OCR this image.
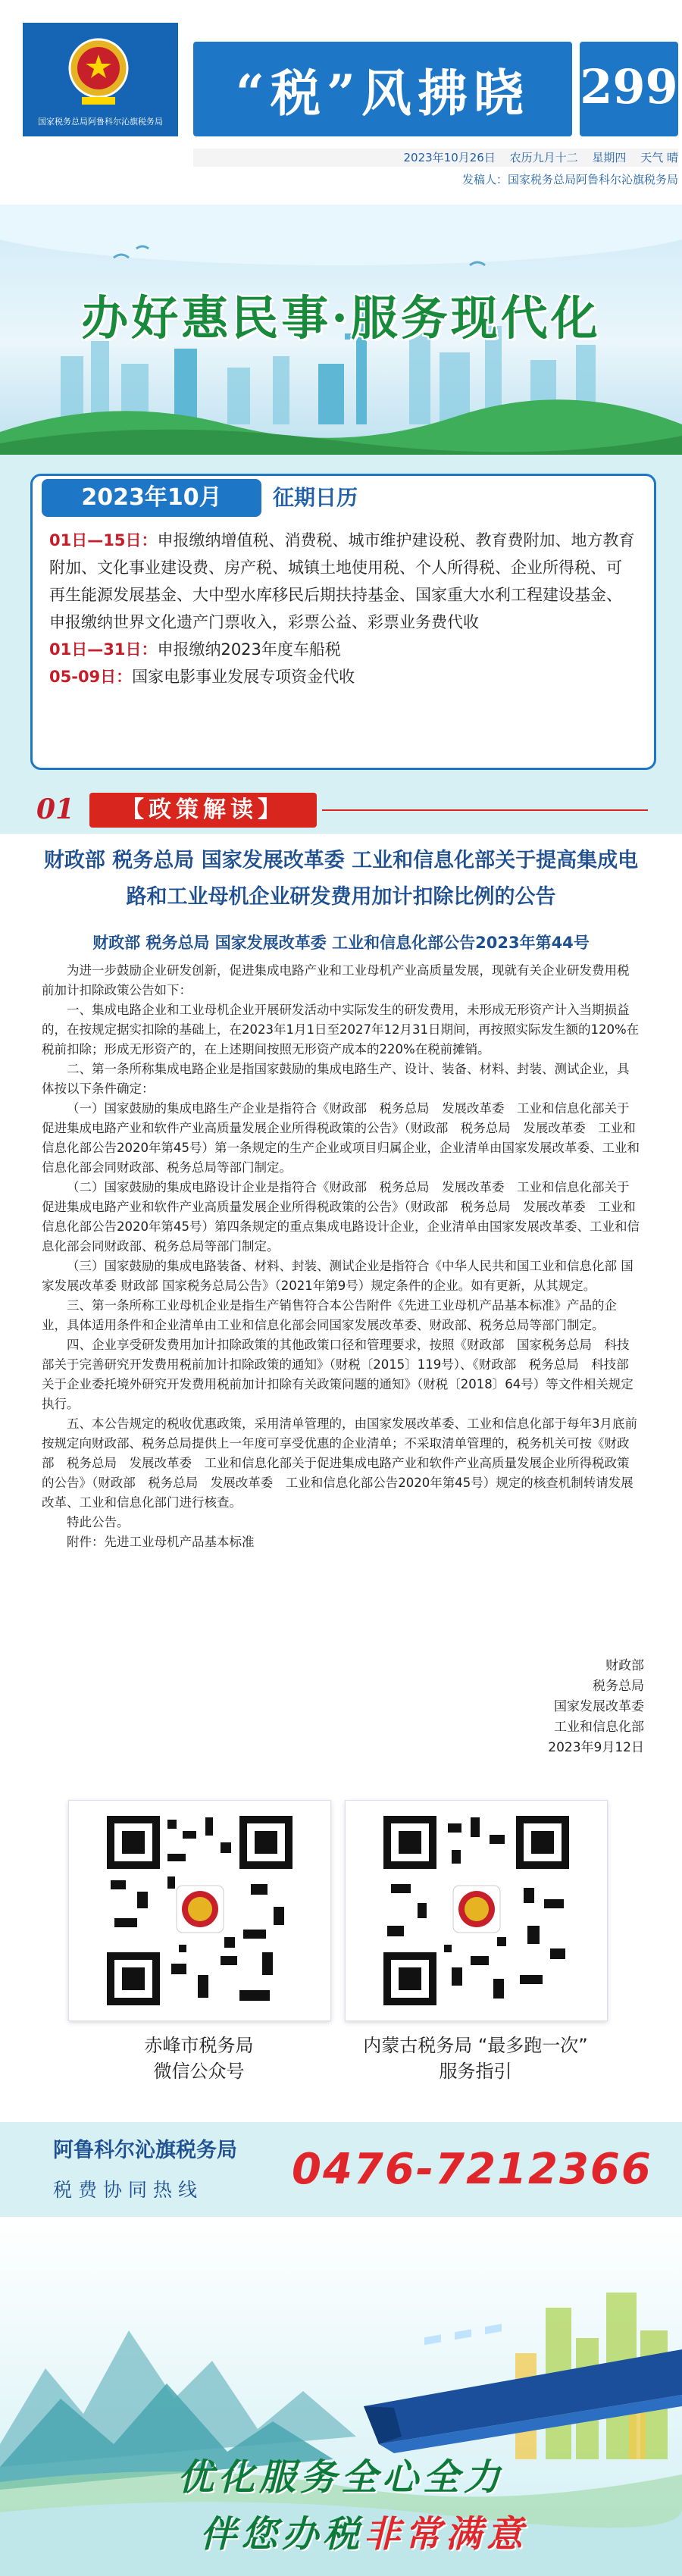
国家税务总局阿鲁科尔沁旗税务局	“税”风拂晓	299
2023年10月26日 农历九月十二 星期四 天气 晴
发稿人：国家税务总局阿鲁科尔沁旗税务局
办好惠民事·服务现代化
2023年10月	征期日历
01日—15日：申报缴纳增值税、消费税、城市维护建设税、教育费附加、地方教育附加、文化事业建设费、房产税、城镇土地使用税、个人所得税、企业所得税、可再生能源发展基金、大中型水库移民后期扶持基金、国家重大水利工程建设基金、申报缴纳世界文化遗产门票收入，彩票公益、彩票业务费代收
01日—31日：申报缴纳2023年度车船税
05-09日：国家电影事业发展专项资金代收
01	【政策解读】
财政部 税务总局 国家发展改革委 工业和信息化部关于提高集成电路和工业母机企业研发费用加计扣除比例的公告
财政部 税务总局 国家发展改革委 工业和信息化部公告2023年第44号

为进一步鼓励企业研发创新，促进集成电路产业和工业母机产业高质量发展，现就有关企业研发费用税前加计扣除政策公告如下：

一、集成电路企业和工业母机企业开展研发活动中实际发生的研发费用，未形成无形资产计入当期损益的，在按规定据实扣除的基础上，在2023年1月1日至2027年12月31日期间，再按照实际发生额的120%在税前扣除；形成无形资产的，在上述期间按照无形资产成本的220%在税前摊销。

二、第一条所称集成电路企业是指国家鼓励的集成电路生产、设计、装备、材料、封装、测试企业，具体按以下条件确定：

（一）国家鼓励的集成电路生产企业是指符合《财政部　税务总局　发展改革委　工业和信息化部关于促进集成电路产业和软件产业高质量发展企业所得税政策的公告》（财政部　税务总局　发展改革委　工业和信息化部公告2020年第45号）第一条规定的生产企业或项目归属企业，企业清单由国家发展改革委、工业和信息化部会同财政部、税务总局等部门制定。

（二）国家鼓励的集成电路设计企业是指符合《财政部　税务总局　发展改革委　工业和信息化部关于促进集成电路产业和软件产业高质量发展企业所得税政策的公告》（财政部　税务总局　发展改革委　工业和信息化部公告2020年第45号）第四条规定的重点集成电路设计企业，企业清单由国家发展改革委、工业和信息化部会同财政部、税务总局等部门制定。

（三）国家鼓励的集成电路装备、材料、封装、测试企业是指符合《中华人民共和国工业和信息化部 国家发展改革委 财政部 国家税务总局公告》（2021年第9号）规定条件的企业。如有更新，从其规定。

三、第一条所称工业母机企业是指生产销售符合本公告附件《先进工业母机产品基本标准》产品的企业，具体适用条件和企业清单由工业和信息化部会同国家发展改革委、财政部、税务总局等部门制定。

四、企业享受研发费用加计扣除政策的其他政策口径和管理要求，按照《财政部　国家税务总局　科技部关于完善研究开发费用税前加计扣除政策的通知》（财税〔2015〕119号）、《财政部　税务总局　科技部关于企业委托境外研究开发费用税前加计扣除有关政策问题的通知》（财税〔2018〕64号）等文件相关规定执行。

五、本公告规定的税收优惠政策，采用清单管理的，由国家发展改革委、工业和信息化部于每年3月底前按规定向财政部、税务总局提供上一年度可享受优惠的企业清单；不采取清单管理的，税务机关可按《财政部　税务总局　发展改革委　工业和信息化部关于促进集成电路产业和软件产业高质量发展企业所得税政策的公告》（财政部　税务总局　发展改革委　工业和信息化部公告2020年第45号）规定的核查机制转请发展改革、工业和信息化部门进行核查。

特此公告。

附件：先进工业母机产品基本标准

财政部
税务总局
国家发展改革委
工业和信息化部
2023年9月12日
赤峰市税务局
微信公众号
内蒙古税务局 “最多跑一次”
服务指引
阿鲁科尔沁旗税务局
税费协同热线 0476-7212366
优化服务全心全力
伴您办税非常满意
